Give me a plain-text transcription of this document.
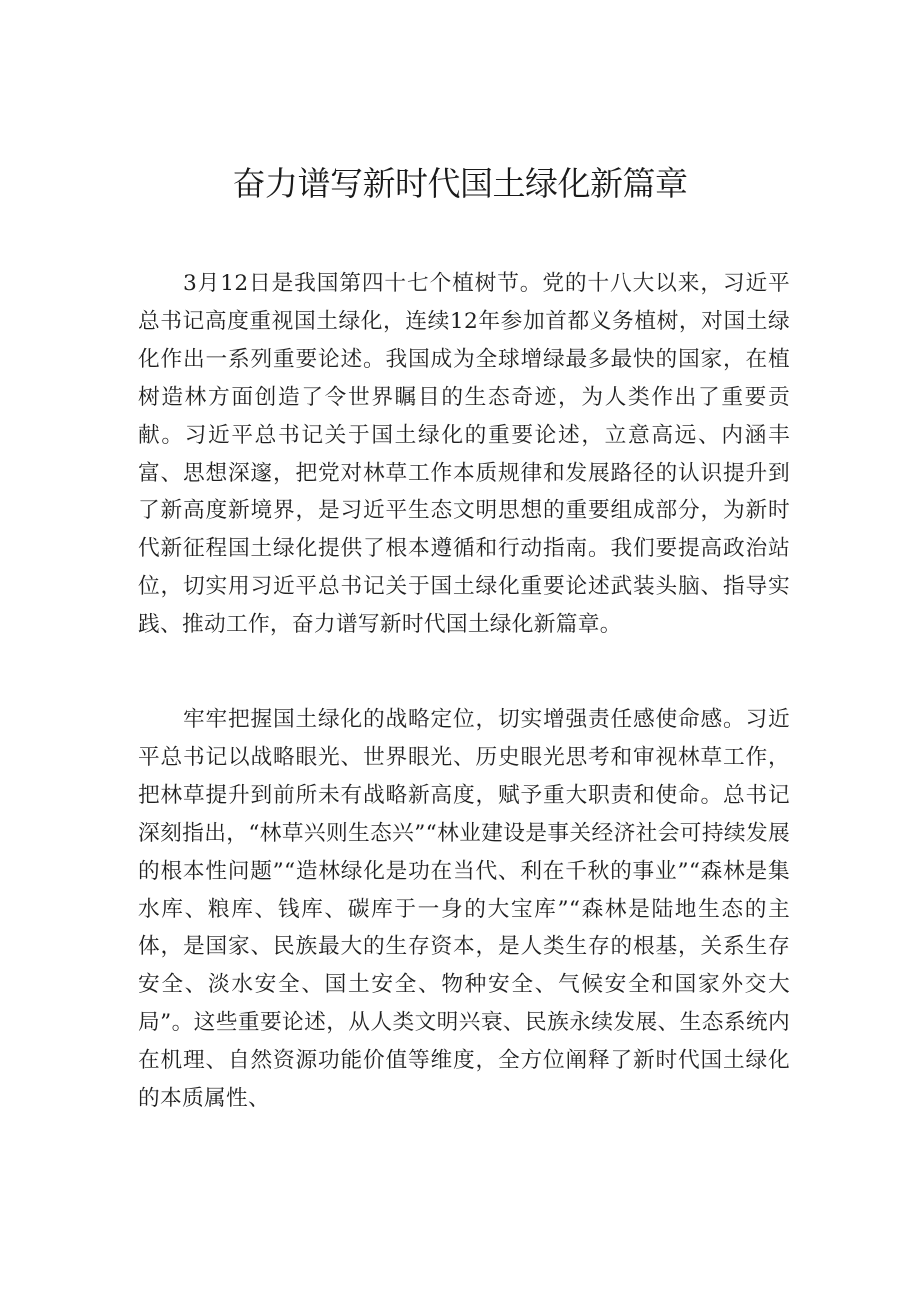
奋力谱写新时代国土绿化新篇章

3月12日是我国第四十七个植树节。党的十八大以来，习近平总书记高度重视国土绿化，连续12年参加首都义务植树，对国土绿化作出一系列重要论述。我国成为全球增绿最多最快的国家，在植树造林方面创造了令世界瞩目的生态奇迹，为人类作出了重要贡献。习近平总书记关于国土绿化的重要论述，立意高远、内涵丰富、思想深邃，把党对林草工作本质规律和发展路径的认识提升到了新高度新境界，是习近平生态文明思想的重要组成部分，为新时代新征程国土绿化提供了根本遵循和行动指南。我们要提高政治站位，切实用习近平总书记关于国土绿化重要论述武装头脑、指导实践、推动工作，奋力谱写新时代国土绿化新篇章。

牢牢把握国土绿化的战略定位，切实增强责任感使命感。习近平总书记以战略眼光、世界眼光、历史眼光思考和审视林草工作，把林草提升到前所未有战略新高度，赋予重大职责和使命。总书记深刻指出，“林草兴则生态兴”“林业建设是事关经济社会可持续发展的根本性问题”“造林绿化是功在当代、利在千秋的事业”“森林是集水库、粮库、钱库、碳库于一身的大宝库”“森林是陆地生态的主体，是国家、民族最大的生存资本，是人类生存的根基，关系生存安全、淡水安全、国土安全、物种安全、气候安全和国家外交大局”。这些重要论述，从人类文明兴衰、民族永续发展、生态系统内在机理、自然资源功能价值等维度，全方位阐释了新时代国土绿化的本质属性、
